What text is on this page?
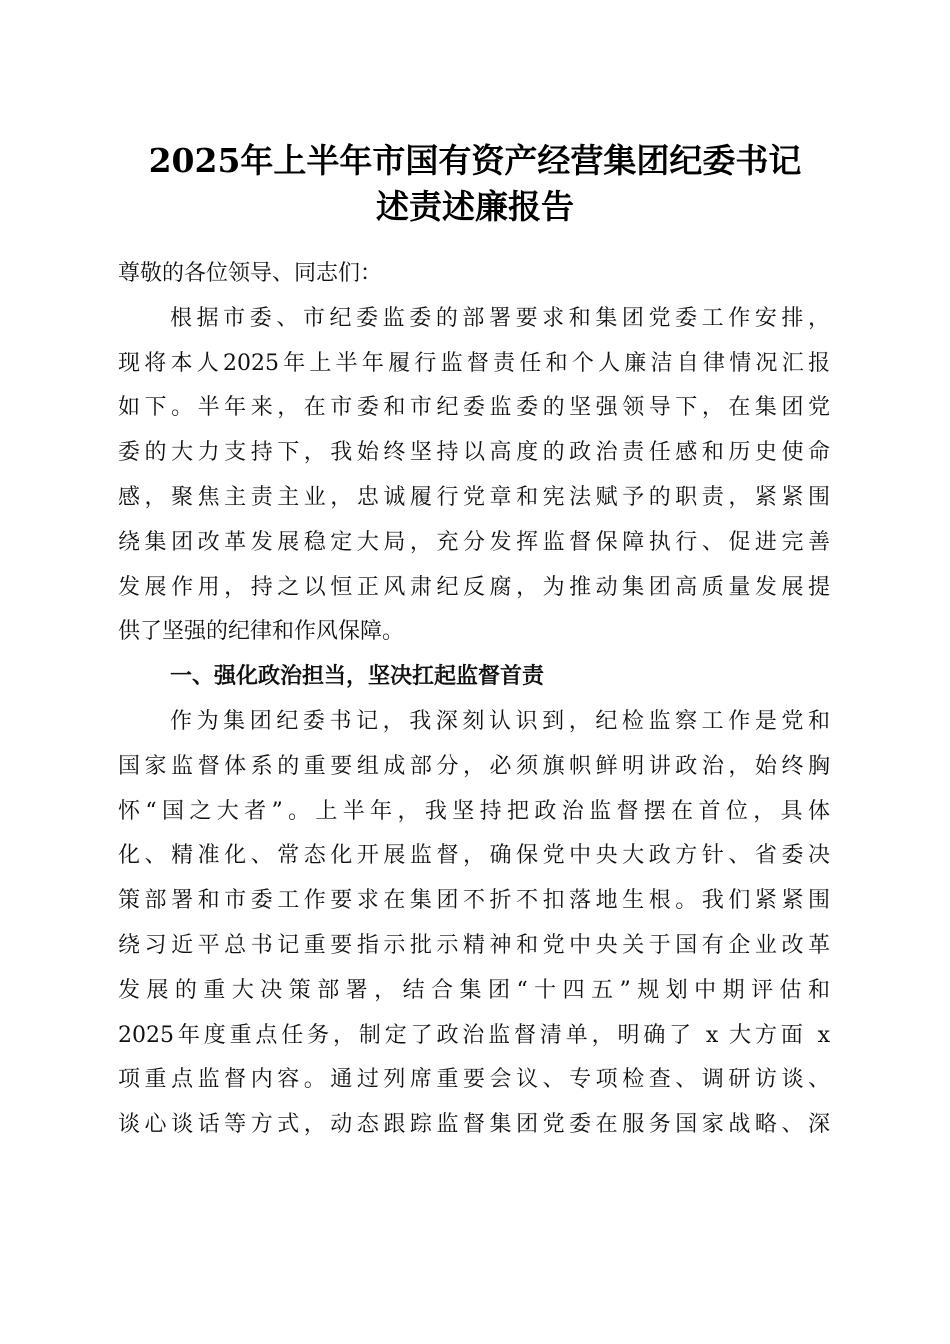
2025年上半年市国有资产经营集团纪委书记
述责述廉报告
尊敬的各位领导、同志们：
根据市委、市纪委监委的部署要求和集团党委工作安排，
现将本人2025年上半年履行监督责任和个人廉洁自律情况汇报
如下。半年来，在市委和市纪委监委的坚强领导下，在集团党
委的大力支持下，我始终坚持以高度的政治责任感和历史使命
感，聚焦主责主业，忠诚履行党章和宪法赋予的职责，紧紧围
绕集团改革发展稳定大局，充分发挥监督保障执行、促进完善
发展作用，持之以恒正风肃纪反腐，为推动集团高质量发展提
供了坚强的纪律和作风保障。
一、强化政治担当，坚决扛起监督首责
作为集团纪委书记，我深刻认识到，纪检监察工作是党和
国家监督体系的重要组成部分，必须旗帜鲜明讲政治，始终胸
怀“国之大者”。上半年，我坚持把政治监督摆在首位，具体
化、精准化、常态化开展监督，确保党中央大政方针、省委决
策部署和市委工作要求在集团不折不扣落地生根。我们紧紧围
绕习近平总书记重要指示批示精神和党中央关于国有企业改革
发展的重大决策部署，结合集团“十四五”规划中期评估和
2025年度重点任务，制定了政治监督清单，明确了 x 大方面 x
项重点监督内容。通过列席重要会议、专项检查、调研访谈、
谈心谈话等方式，动态跟踪监督集团党委在服务国家战略、深
